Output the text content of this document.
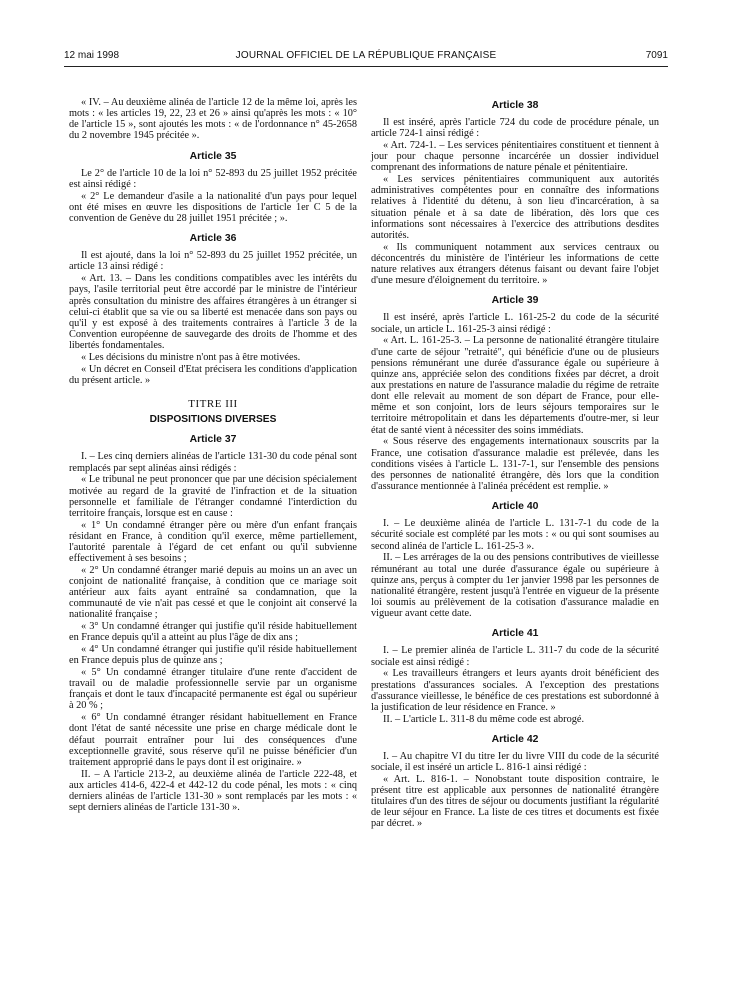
12 mai 1998	JOURNAL OFFICIEL DE LA RÉPUBLIQUE FRANÇAISE	7091

« IV. – Au deuxième alinéa de l'article 12 de la même loi, après les mots : « les articles 19, 22, 23 et 26 » ainsi qu'après les mots : « 10° de l'article 15 », sont ajoutés les mots : « de l'ordonnance n° 45-2658 du 2 novembre 1945 précitée ».

Article 35

Le 2° de l'article 10 de la loi n° 52-893 du 25 juillet 1952 précitée est ainsi rédigé :

« 2° Le demandeur d'asile a la nationalité d'un pays pour lequel ont été mises en œuvre les dispositions de l'article 1er C 5 de la convention de Genève du 28 juillet 1951 précitée ; ».

Article 36

Il est ajouté, dans la loi n° 52-893 du 25 juillet 1952 précitée, un article 13 ainsi rédigé :

« Art. 13. – Dans les conditions compatibles avec les intérêts du pays, l'asile territorial peut être accordé par le ministre de l'intérieur après consultation du ministre des affaires étrangères à un étranger si celui-ci établit que sa vie ou sa liberté est menacée dans son pays ou qu'il y est exposé à des traitements contraires à l'article 3 de la Convention européenne de sauvegarde des droits de l'homme et des libertés fondamentales.

« Les décisions du ministre n'ont pas à être motivées.

« Un décret en Conseil d'Etat précisera les conditions d'application du présent article. »

TITRE III
DISPOSITIONS DIVERSES
Article 37

I. – Les cinq derniers alinéas de l'article 131-30 du code pénal sont remplacés par sept alinéas ainsi rédigés :

« Le tribunal ne peut prononcer que par une décision spécialement motivée au regard de la gravité de l'infraction et de la situation personnelle et familiale de l'étranger condamné l'interdiction du territoire français, lorsque est en cause :

« 1° Un condamné étranger père ou mère d'un enfant français résidant en France, à condition qu'il exerce, même partiellement, l'autorité parentale à l'égard de cet enfant ou qu'il subvienne effectivement à ses besoins ;

« 2° Un condamné étranger marié depuis au moins un an avec un conjoint de nationalité française, à condition que ce mariage soit antérieur aux faits ayant entraîné sa condamnation, que la communauté de vie n'ait pas cessé et que le conjoint ait conservé la nationalité française ;

« 3° Un condamné étranger qui justifie qu'il réside habituellement en France depuis qu'il a atteint au plus l'âge de dix ans ;

« 4° Un condamné étranger qui justifie qu'il réside habituellement en France depuis plus de quinze ans ;

« 5° Un condamné étranger titulaire d'une rente d'accident de travail ou de maladie professionnelle servie par un organisme français et dont le taux d'incapacité permanente est égal ou supérieur à 20 % ;

« 6° Un condamné étranger résidant habituellement en France dont l'état de santé nécessite une prise en charge médicale dont le défaut pourrait entraîner pour lui des conséquences d'une exceptionnelle gravité, sous réserve qu'il ne puisse bénéficier d'un traitement approprié dans le pays dont il est originaire. »

II. – A l'article 213-2, au deuxième alinéa de l'article 222-48, et aux articles 414-6, 422-4 et 442-12 du code pénal, les mots : « cinq derniers alinéas de l'article 131-30 » sont remplacés par les mots : « sept derniers alinéas de l'article 131-30 ».

Article 38

Il est inséré, après l'article 724 du code de procédure pénale, un article 724-1 ainsi rédigé :

« Art. 724-1. – Les services pénitentiaires constituent et tiennent à jour pour chaque personne incarcérée un dossier individuel comprenant des informations de nature pénale et pénitentiaire.

« Les services pénitentiaires communiquent aux autorités administratives compétentes pour en connaître des informations relatives à l'identité du détenu, à son lieu d'incarcération, à sa situation pénale et à sa date de libération, dès lors que ces informations sont nécessaires à l'exercice des attributions desdites autorités.

« Ils communiquent notamment aux services centraux ou déconcentrés du ministère de l'intérieur les informations de cette nature relatives aux étrangers détenus faisant ou devant faire l'objet d'une mesure d'éloignement du territoire. »

Article 39

Il est inséré, après l'article L. 161-25-2 du code de la sécurité sociale, un article L. 161-25-3 ainsi rédigé :

« Art. L. 161-25-3. – La personne de nationalité étrangère titulaire d'une carte de séjour "retraité", qui bénéficie d'une ou de plusieurs pensions rémunérant une durée d'assurance égale ou supérieure à quinze ans, appréciée selon des conditions fixées par décret, a droit aux prestations en nature de l'assurance maladie du régime de retraite dont elle relevait au moment de son départ de France, pour elle-même et son conjoint, lors de leurs séjours temporaires sur le territoire métropolitain et dans les départements d'outre-mer, si leur état de santé vient à nécessiter des soins immédiats.

« Sous réserve des engagements internationaux souscrits par la France, une cotisation d'assurance maladie est prélevée, dans les conditions visées à l'article L. 131-7-1, sur l'ensemble des pensions des personnes de nationalité étrangère, dès lors que la condition d'assurance mentionnée à l'alinéa précédent est remplie. »

Article 40

I. – Le deuxième alinéa de l'article L. 131-7-1 du code de la sécurité sociale est complété par les mots : « ou qui sont soumises au second alinéa de l'article L. 161-25-3 ».

II. – Les arrérages de la ou des pensions contributives de vieillesse rémunérant au total une durée d'assurance égale ou supérieure à quinze ans, perçus à compter du 1er janvier 1998 par les personnes de nationalité étrangère, restent jusqu'à l'entrée en vigueur de la présente loi soumis au prélèvement de la cotisation d'assurance maladie en vigueur avant cette date.

Article 41

I. – Le premier alinéa de l'article L. 311-7 du code de la sécurité sociale est ainsi rédigé :

« Les travailleurs étrangers et leurs ayants droit bénéficient des prestations d'assurances sociales. A l'exception des prestations d'assurance vieillesse, le bénéfice de ces prestations est subordonné à la justification de leur résidence en France. »

II. – L'article L. 311-8 du même code est abrogé.

Article 42

I. – Au chapitre VI du titre Ier du livre VIII du code de la sécurité sociale, il est inséré un article L. 816-1 ainsi rédigé :

« Art. L. 816-1. – Nonobstant toute disposition contraire, le présent titre est applicable aux personnes de nationalité étrangère titulaires d'un des titres de séjour ou documents justifiant la régularité de leur séjour en France. La liste de ces titres et documents est fixée par décret. »
